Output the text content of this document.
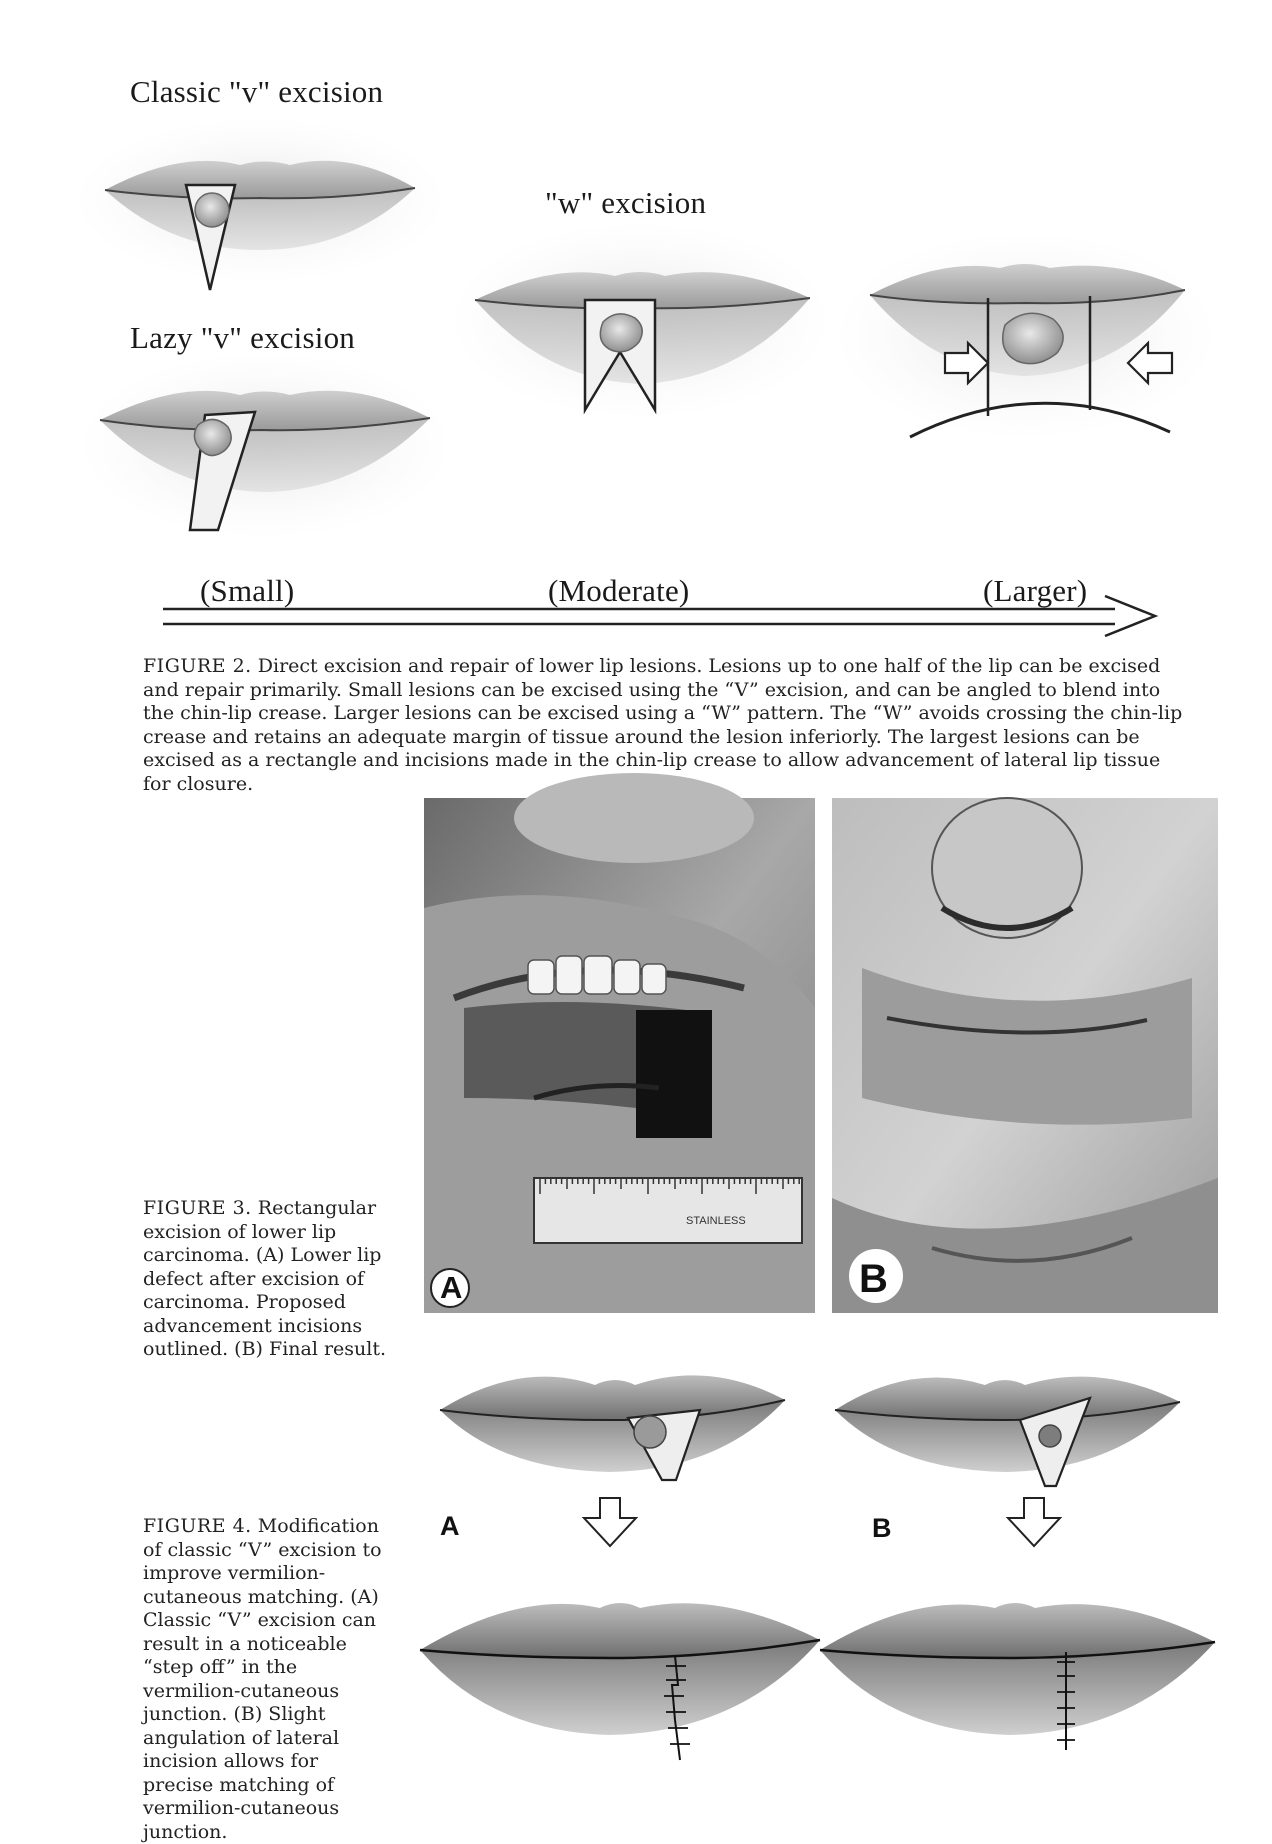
Classic "v" excision
Lazy "v" excision
"w" excision
(Small)	(Moderate)	(Larger)
FIGURE 2. Direct excision and repair of lower lip lesions. Lesions up to one half of the lip can be excised and repair primarily. Small lesions can be excised using the “V” excision, and can be angled to blend into the chin-lip crease. Larger lesions can be excised using a “W” pattern. The “W” avoids crossing the chin-lip crease and retains an adequate margin of tissue around the lesion inferiorly. The largest lesions can be excised as a rectangle and incisions made in the chin-lip crease to allow advancement of lateral lip tissue for closure.
FIGURE 3. Rectangular excision of lower lip carcinoma. (A) Lower lip defect after excision of carcinoma. Proposed advancement incisions outlined. (B) Final result.
STAINLESS
A	B
FIGURE 4. Modification of classic “V” excision to improve vermilion-cutaneous matching. (A) Classic “V” excision can result in a noticeable “step off” in the vermilion-cutaneous junction. (B) Slight angulation of lateral incision allows for precise matching of vermilion-cutaneous junction.
A	B
